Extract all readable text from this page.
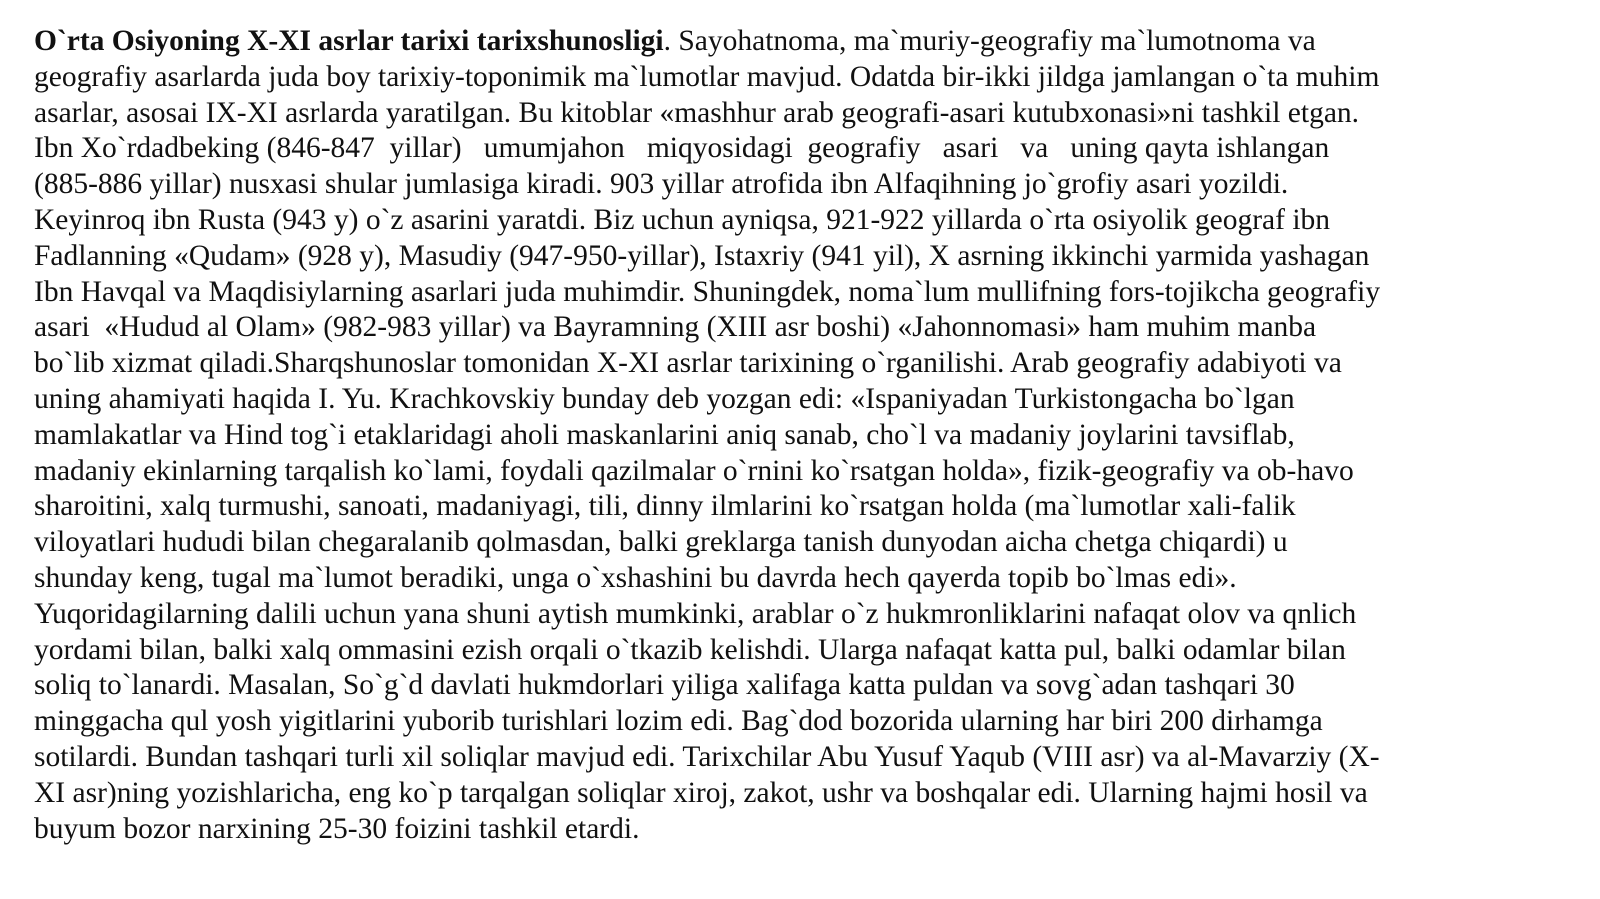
O`rta Osiyoning X-XI asrlar tarixi tarixshunosligi. Sayohatnoma, ma`muriy-geografiy ma`lumotnoma va
geografiy asarlarda juda boy tarixiy-toponimik ma`lumotlar mavjud. Odatda bir-ikki jildga jamlangan o`ta muhim
asarlar, asosai IX-XI asrlarda yaratilgan. Bu kitoblar «mashhur arab geografi-asari kutubxonasi»ni tashkil etgan.
Ibn Xo`rdadbeking (846-847  yillar)   umumjahon   miqyosidagi  geografiy   asari   va   uning qayta ishlangan
(885-886 yillar) nusxasi shular jumlasiga kiradi. 903 yillar atrofida ibn Alfaqihning jo`grofiy asari yozildi.
Keyinroq ibn Rusta (943 y) o`z asarini yaratdi. Biz uchun ayniqsa, 921-922 yillarda o`rta osiyolik geograf ibn
Fadlanning «Qudam» (928 y), Masudiy (947-950-yillar), Istaxriy (941 yil), X asrning ikkinchi yarmida yashagan
Ibn Havqal va Maqdisiylarning asarlari juda muhimdir. Shuningdek, noma`lum mullifning fors-tojikcha geografiy
asari  «Hudud al Olam» (982-983 yillar) va Bayramning (XIII asr boshi) «Jahonnomasi» ham muhim manba
bo`lib xizmat qiladi.Sharqshunoslar tomonidan X-XI asrlar tarixining o`rganilishi. Arab geografiy adabiyoti va
uning ahamiyati haqida I. Yu. Krachkovskiy bunday deb yozgan edi: «Ispaniyadan Turkistongacha bo`lgan
mamlakatlar va Hind tog`i etaklaridagi aholi maskanlarini aniq sanab, cho`l va madaniy joylarini tavsiflab,
madaniy ekinlarning tarqalish ko`lami, foydali qazilmalar o`rnini ko`rsatgan holda», fizik-geografiy va ob-havo
sharoitini, xalq turmushi, sanoati, madaniyagi, tili, dinny ilmlarini ko`rsatgan holda (ma`lumotlar xali-falik
viloyatlari hududi bilan chegaralanib qolmasdan, balki greklarga tanish dunyodan aicha chetga chiqardi) u
shunday keng, tugal ma`lumot beradiki, unga o`xshashini bu davrda hech qayerda topib bo`lmas edi».
Yuqoridagilarning dalili uchun yana shuni aytish mumkinki, arablar o`z hukmronliklarini nafaqat olov va qnlich
yordami bilan, balki xalq ommasini ezish orqali o`tkazib kelishdi. Ularga nafaqat katta pul, balki odamlar bilan
soliq to`lanardi. Masalan, So`g`d davlati hukmdorlari yiliga xalifaga katta puldan va sovg`adan tashqari 30
minggacha qul yosh yigitlarini yuborib turishlari lozim edi. Bag`dod bozorida ularning har biri 200 dirhamga
sotilardi. Bundan tashqari turli xil soliqlar mavjud edi. Tarixchilar Abu Yusuf Yaqub (VIII asr) va al-Mavarziy (X-
XI asr)ning yozishlaricha, eng ko`p tarqalgan soliqlar xiroj, zakot, ushr va boshqalar edi. Ularning hajmi hosil va
buyum bozor narxining 25-30 foizini tashkil etardi.
